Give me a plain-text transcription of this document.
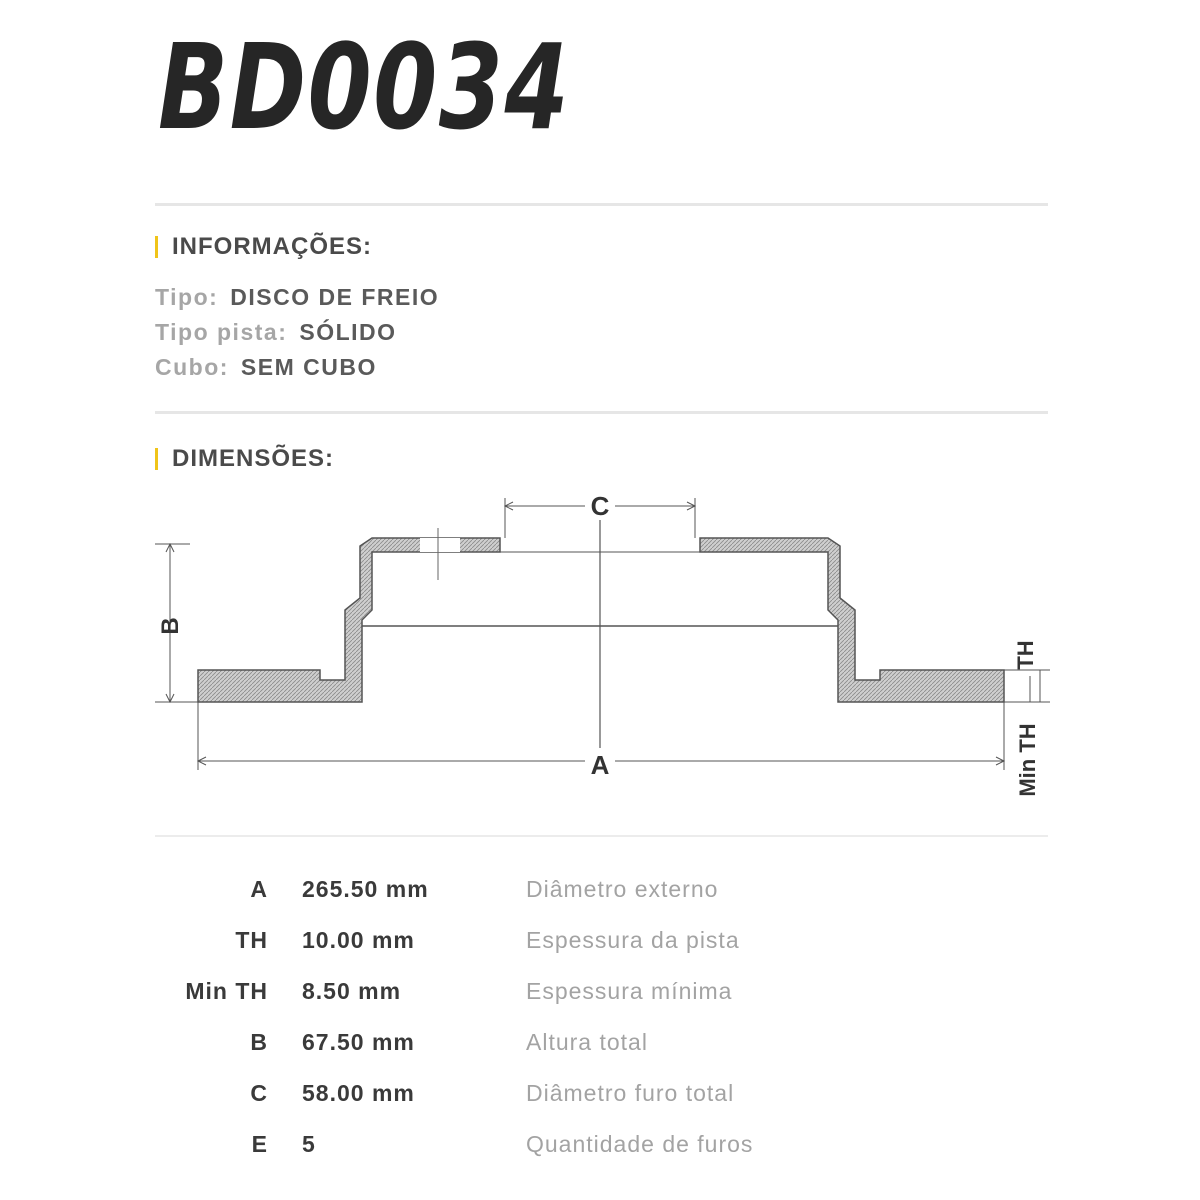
BD0034
INFORMAÇÕES:
Tipo: DISCO DE FREIO
Tipo pista: SÓLIDO
Cubo: SEM CUBO
DIMENSÕES:
B
C
A
TH
Min TH
A 265.50 mm	Diâmetro externo
TH 10.00 mm	Espessura da pista
Min TH 8.50 mm	Espessura mínima
B 67.50 mm	Altura total
C 58.00 mm	Diâmetro furo total
E 5	Quantidade de furos
